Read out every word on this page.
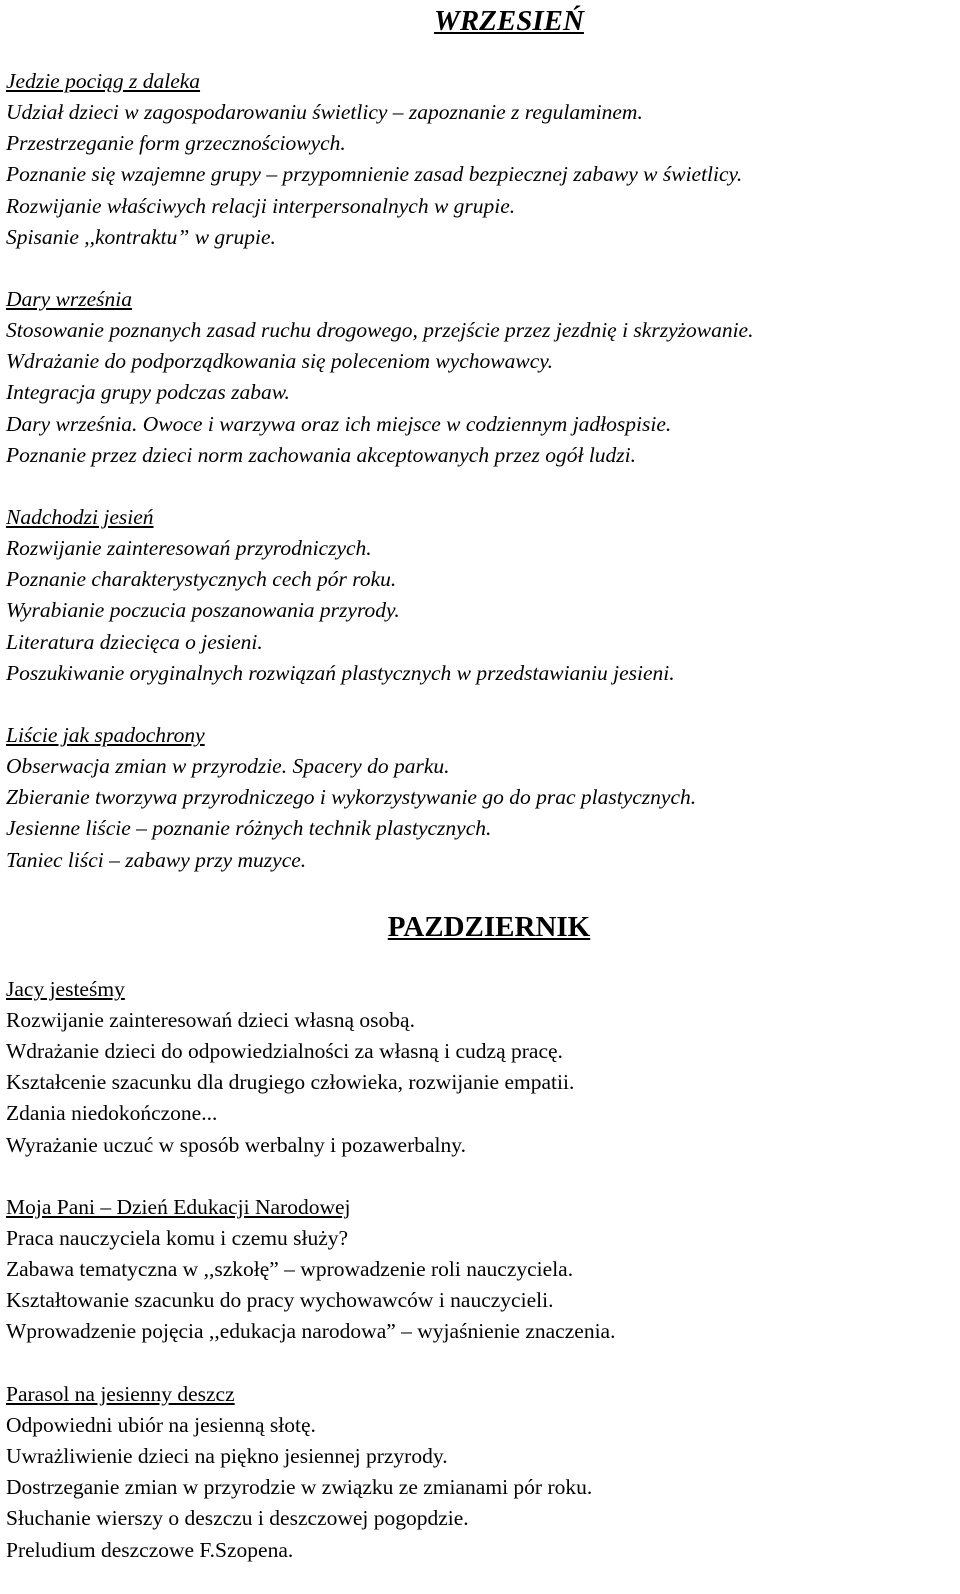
WRZESIEŃ
Jedzie pociąg z daleka

Udział dzieci w zagospodarowaniu świetlicy – zapoznanie z regulaminem.

Przestrzeganie form grzecznościowych.

Poznanie się wzajemne grupy – przypomnienie zasad bezpiecznej zabawy w świetlicy.

Rozwijanie właściwych relacji interpersonalnych w grupie.

Spisanie ,,kontraktu” w grupie.

Dary września

Stosowanie poznanych zasad ruchu drogowego, przejście przez jezdnię i skrzyżowanie.

Wdrażanie do podporządkowania się poleceniom wychowawcy.

Integracja grupy podczas zabaw.

Dary września. Owoce i warzywa oraz ich miejsce w codziennym jadłospisie.

Poznanie przez dzieci norm zachowania akceptowanych przez ogół ludzi.

Nadchodzi jesień

Rozwijanie zainteresowań przyrodniczych.

Poznanie charakterystycznych cech pór roku.

Wyrabianie poczucia poszanowania przyrody.

Literatura dziecięca o jesieni.

Poszukiwanie oryginalnych rozwiązań plastycznych w przedstawianiu jesieni.

Liście jak spadochrony

Obserwacja zmian w przyrodzie. Spacery do parku.

Zbieranie tworzywa przyrodniczego i wykorzystywanie go do prac plastycznych.

Jesienne liście – poznanie różnych technik plastycznych.

Taniec liści – zabawy przy muzyce.

PAZDZIERNIK
Jacy jesteśmy

Rozwijanie zainteresowań dzieci własną osobą.

Wdrażanie dzieci do odpowiedzialności za własną i cudzą pracę.

Kształcenie szacunku dla drugiego człowieka, rozwijanie empatii.

Zdania niedokończone...

Wyrażanie uczuć w sposób werbalny i pozawerbalny.

Moja Pani – Dzień Edukacji Narodowej

Praca nauczyciela komu i czemu służy?

Zabawa tematyczna w ,,szkołę” – wprowadzenie roli nauczyciela.

Kształtowanie szacunku do pracy wychowawców i nauczycieli.

Wprowadzenie pojęcia ,,edukacja narodowa” – wyjaśnienie znaczenia.

Parasol na jesienny deszcz

Odpowiedni ubiór na jesienną słotę.

Uwrażliwienie dzieci na piękno jesiennej przyrody.

Dostrzeganie zmian w przyrodzie w związku ze zmianami pór roku.

Słuchanie wierszy o deszczu i deszczowej pogopdzie.

Preludium deszczowe F.Szopena.
